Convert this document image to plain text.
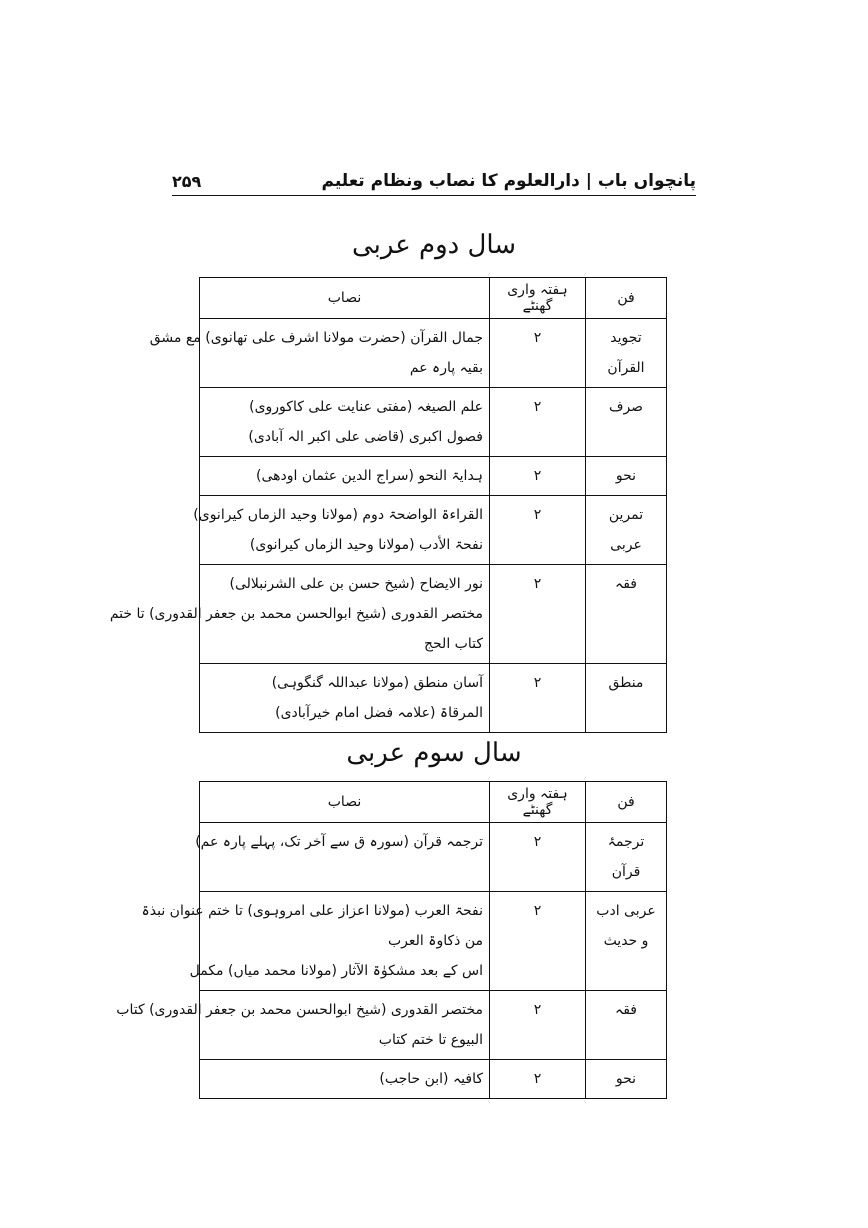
پانچواں باب | دارالعلوم کا نصاب ونظام تعلیم
۲۵۹
سال دوم عربی
فن	ہفتہ واری گھنٹے	نصاب
تجوید القرآن	۲	جمال القرآن (حضرت مولانا اشرف علی تھانوی) مع مشق
بقیہ پارہ عم

صرف	۲	علم الصیغہ (مفتی عنایت علی کاکوروی)
فصول اکبری (قاضی علی اکبر الہ آبادی)

نحو	۲	ہدایۃ النحو (سراج الدین عثمان اودھی)

تمرین عربی	۲	القراءۃ الواضحۃ دوم (مولانا وحید الزماں کیرانوی)
نفحۃ الأدب (مولانا وحید الزماں کیرانوی)

فقہ	۲	نور الایضاح (شیخ حسن بن علی الشرنبلالی)
مختصر القدوری (شیخ ابوالحسن محمد بن جعفر القدوری) تا ختم
کتاب الحج

منطق	۲	آسان منطق (مولانا عبداللہ گنگوہی)
المرقاۃ (علامہ فضل امام خیرآبادی)
سال سوم عربی
فن	ہفتہ واری گھنٹے	نصاب
ترجمۂ قرآن	۲	ترجمہ قرآن (سورہ ق سے آخر تک، پہلے پارہ عم)

عربی ادب و حدیث	۲	نفحۃ العرب (مولانا اعزاز علی امروہوی) تا ختم عنوان نبذۃ
من ذکاوۃ العرب
اس کے بعد مشکوٰۃ الآثار (مولانا محمد میاں) مکمل

فقہ	۲	مختصر القدوری (شیخ ابوالحسن محمد بن جعفر القدوری) کتاب
البیوع تا ختم کتاب

نحو	۲	کافیہ (ابن حاجب)
